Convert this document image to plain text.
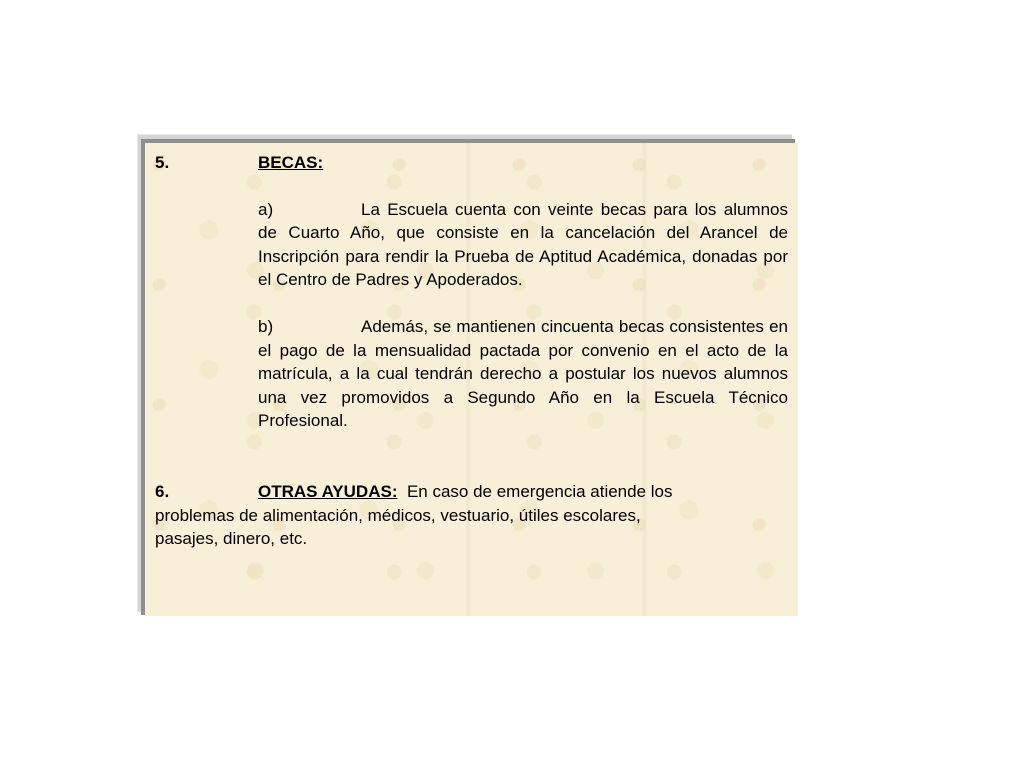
5.	BECAS:
a)	La Escuela cuenta con veinte becas para los alumnos de Cuarto Año, que consiste en la cancelación del Arancel de Inscripción para rendir la Prueba de Aptitud Académica, donadas por el Centro de Padres y Apoderados.
b)	Además, se mantienen cincuenta becas consistentes en el pago de la mensualidad pactada por convenio en el acto de la matrícula, a la cual tendrán derecho a postular los nuevos alumnos una vez promovidos a Segundo Año en la Escuela Técnico Profesional.
6.	OTRAS AYUDAS: En caso de emergencia atiende los
problemas de alimentación, médicos, vestuario, útiles escolares,
pasajes, dinero, etc.
